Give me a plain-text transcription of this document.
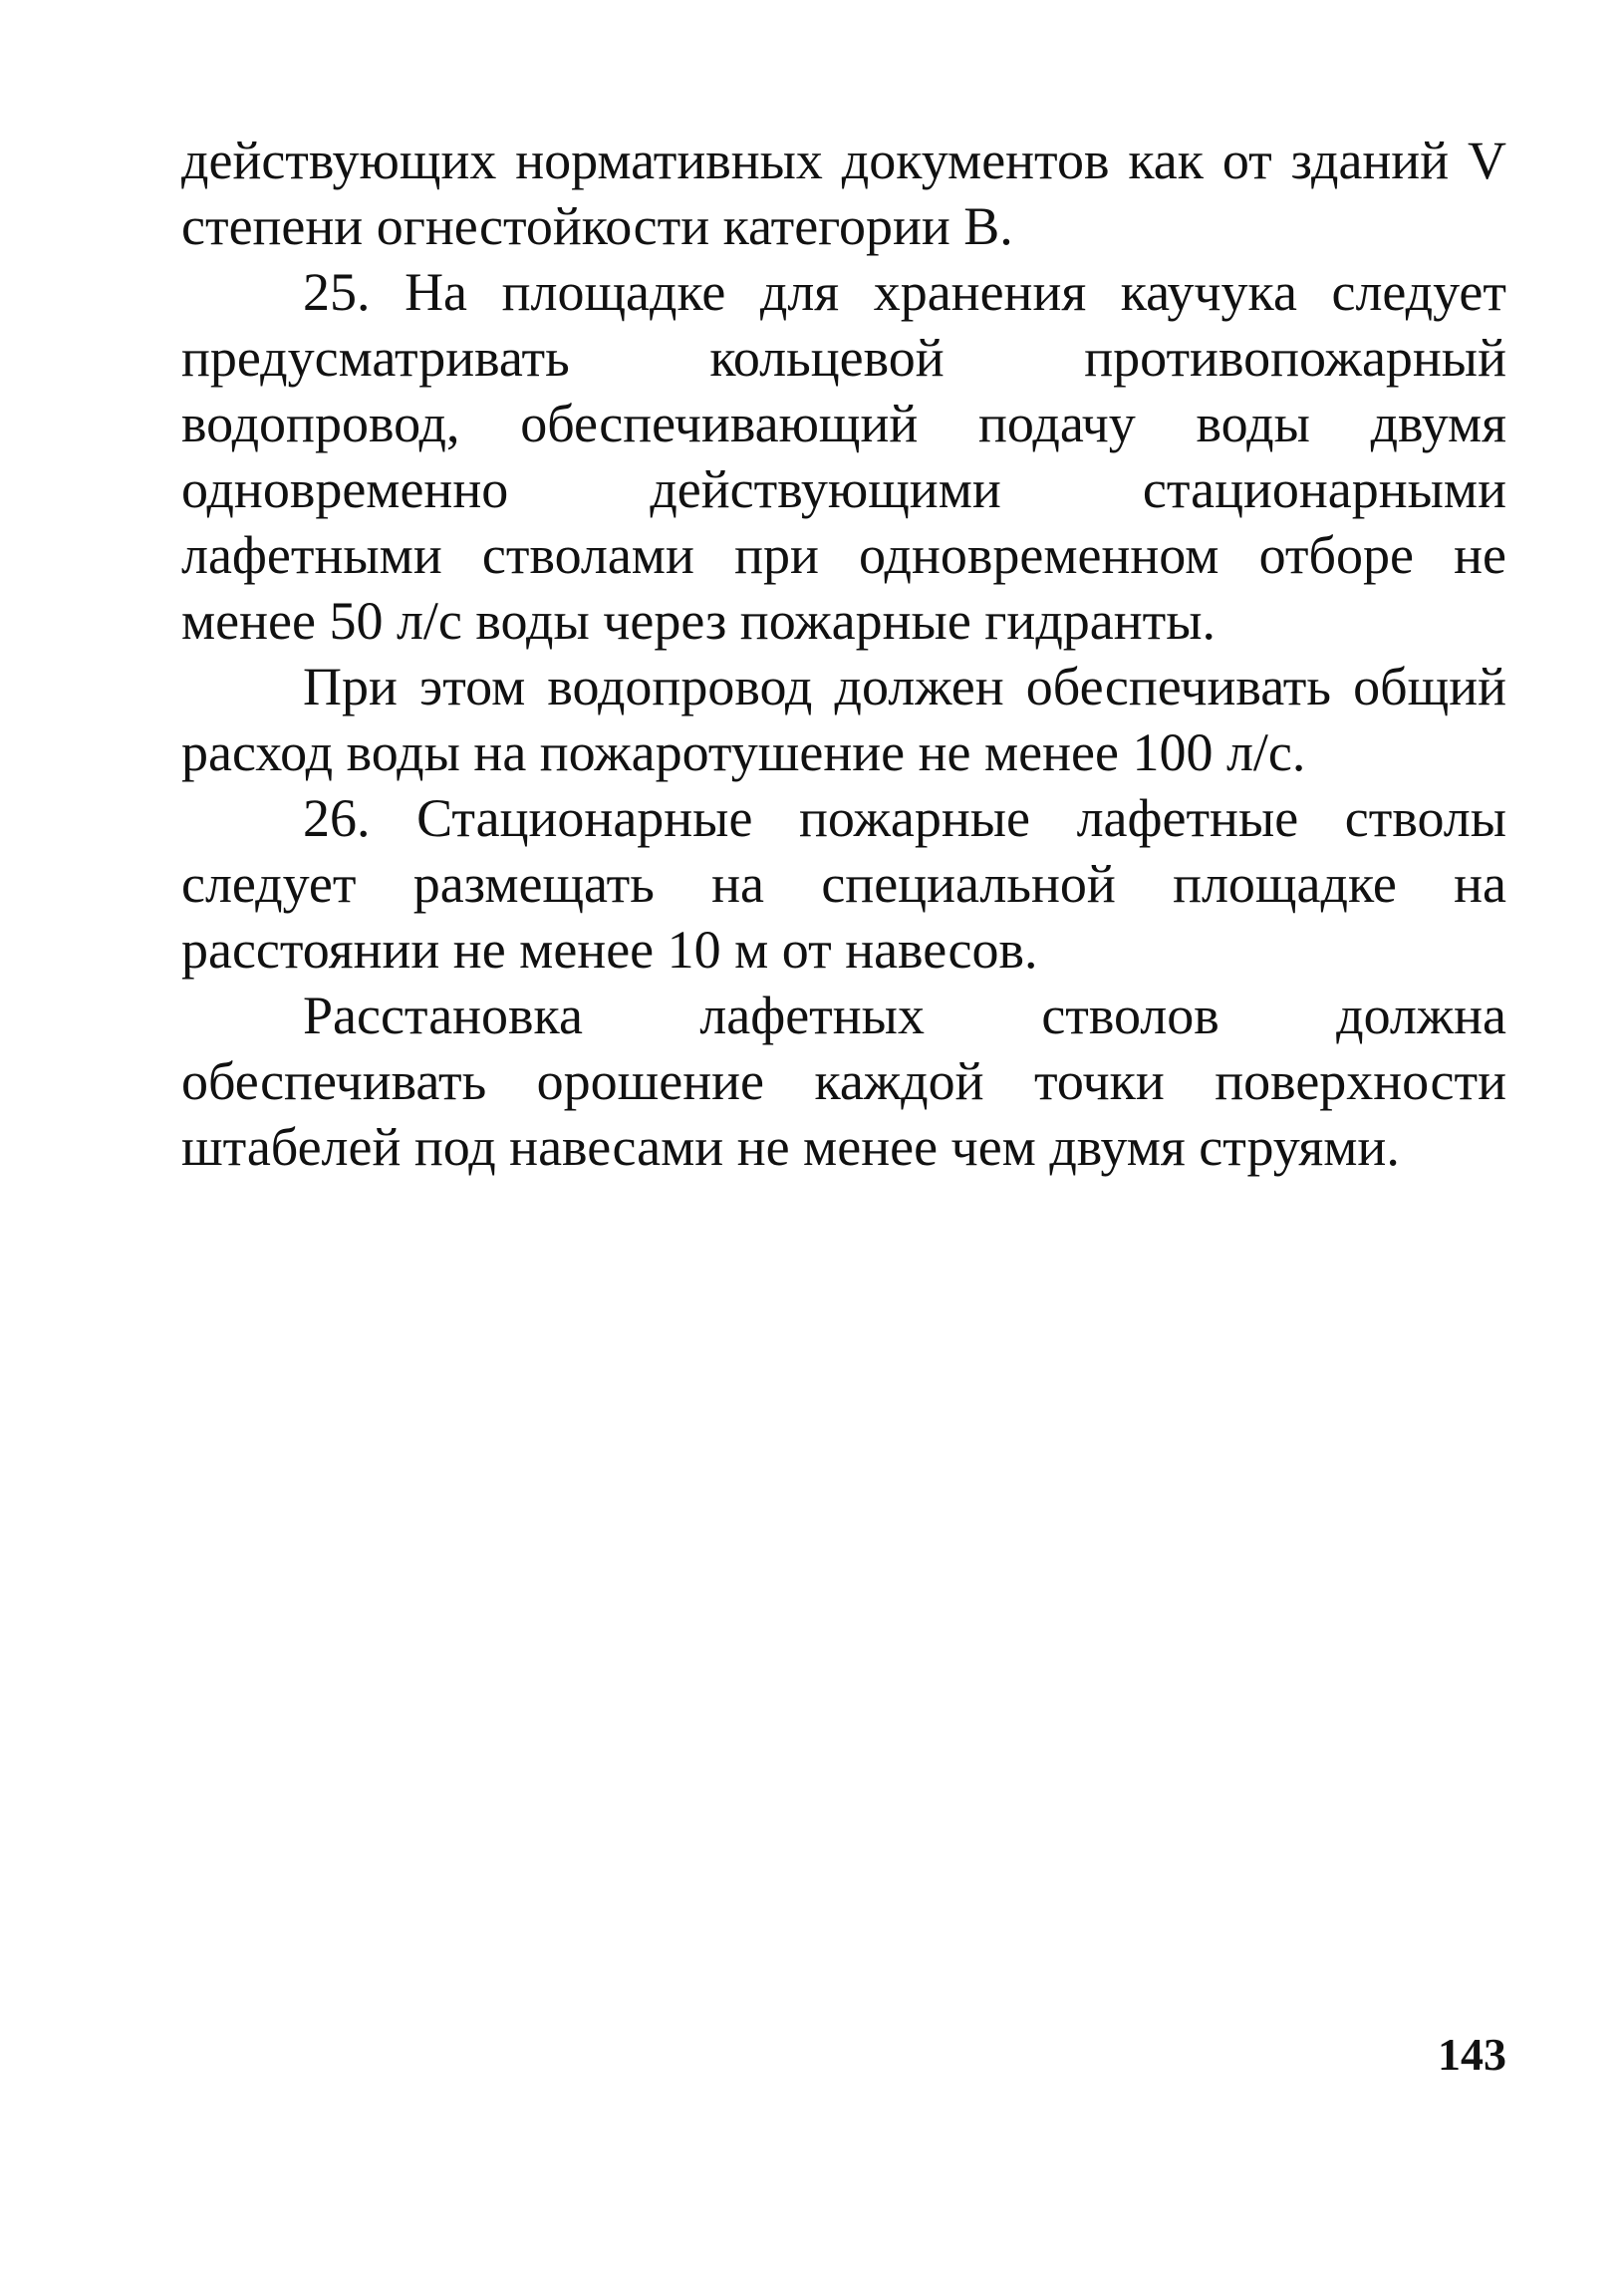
действующих нормативных документов как от зданий V степени огнестойкости категории В.

25. На площадке для хранения каучука следует предусматривать кольцевой противопожарный водопровод, обеспечивающий подачу воды двумя одновременно действующими стационарными лафетными стволами при одновременном отборе не менее 50 л/с воды через пожарные гидранты.

При этом водопровод должен обеспечивать общий расход воды на пожаротушение не менее 100 л/с.

26. Стационарные пожарные лафетные стволы следует размещать на специальной площадке на расстоянии не менее 10 м от навесов.

Расстановка лафетных стволов должна обеспечивать орошение каждой точки поверхности штабелей под навесами не менее чем двумя струями.

143
